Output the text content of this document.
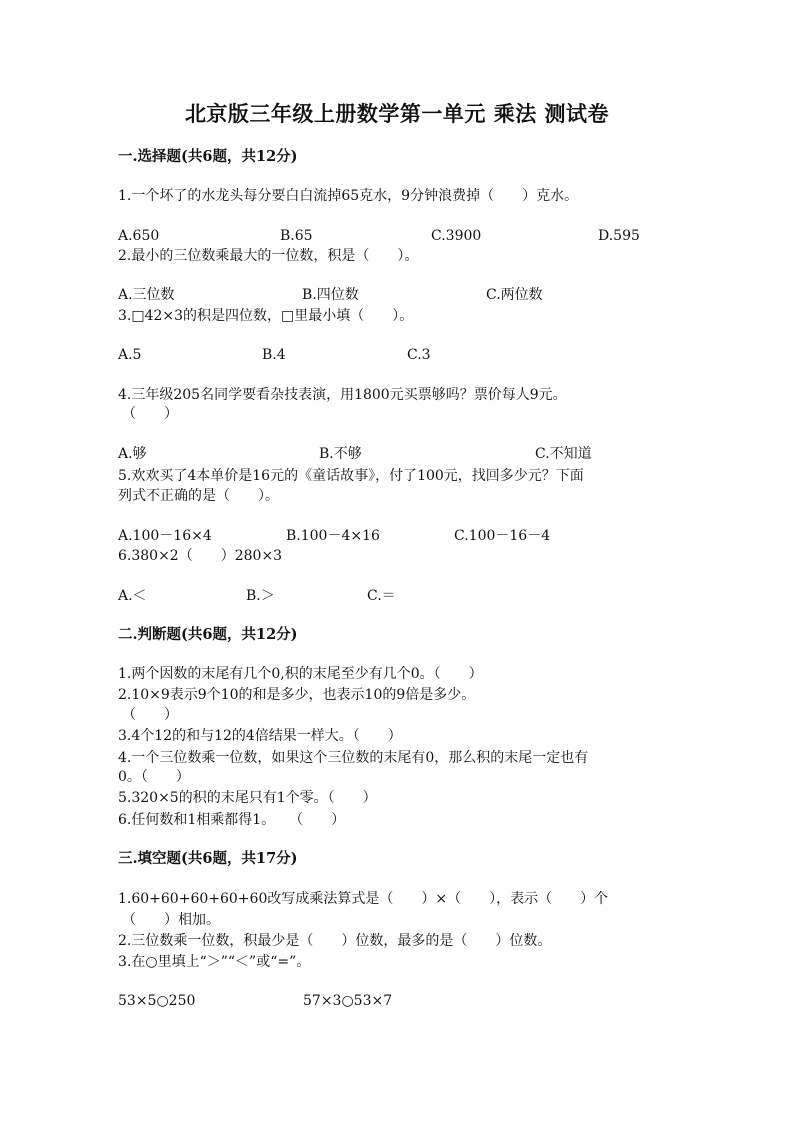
北京版三年级上册数学第一单元 乘法 测试卷
一.选择题(共6题，共12分)
1.一个坏了的水龙头每分要白白流掉65克水，9分钟浪费掉（　　）克水。
A.650	B.65	C.3900	D.595
2.最小的三位数乘最大的一位数，积是（　　）。
A.三位数	B.四位数	C.两位数
3.□42×3的积是四位数，□里最小填（　　）。
A.5	B.4	C.3
4.三年级205名同学要看杂技表演，用1800元买票够吗？票价每人9元。
（　　）
A.够	B.不够	C.不知道
5.欢欢买了4本单价是16元的《童话故事》，付了100元，找回多少元？下面
列式不正确的是（　　）。
A.100－16×4	B.100－4×16	C.100－16－4
6.380×2（　　）280×3
A.＜	B.＞	C.＝
二.判断题(共6题，共12分)
1.两个因数的末尾有几个0,积的末尾至少有几个0。（　　）
2.10×9表示9个10的和是多少，也表示10的9倍是多少。
（　　）
3.4个12的和与12的4倍结果一样大。（　　）
4.一个三位数乘一位数，如果这个三位数的末尾有0，那么积的末尾一定也有
0。（　　）
5.320×5的积的末尾只有1个零。（　　）
6.任何数和1相乘都得1。　　（　　）
三.填空题(共6题，共17分)
1.60+60+60+60+60改写成乘法算式是（　　）×（　　），表示（　　）个
（　　）相加。
2.三位数乘一位数，积最少是（　　）位数，最多的是（　　）位数。
3.在○里填上“＞”“＜”或“=”。
53×5○250	57×3○53×7
